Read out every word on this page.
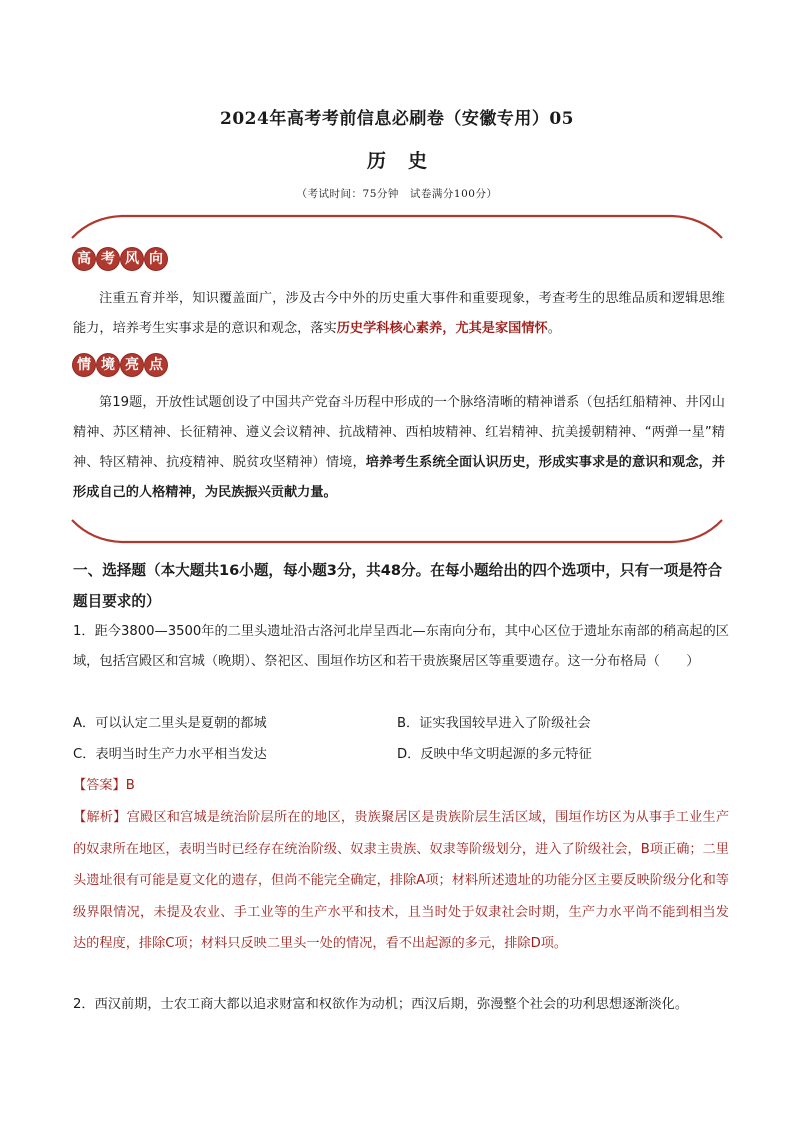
2024年高考考前信息必刷卷（安徽专用）05
历史
（考试时间：75分钟　试卷满分100分）
高 考 风 向
注重五育并举，知识覆盖面广，涉及古今中外的历史重大事件和重要现象，考查考生的思维品质和逻辑思维能力，培养考生实事求是的意识和观念，落实历史学科核心素养，尤其是家国情怀。
情 境 亮 点
第19题，开放性试题创设了中国共产党奋斗历程中形成的一个脉络清晰的精神谱系（包括红船精神、井冈山精神、苏区精神、长征精神、遵义会议精神、抗战精神、西柏坡精神、红岩精神、抗美援朝精神、“两弹一星”精神、特区精神、抗疫精神、脱贫攻坚精神）情境，培养考生系统全面认识历史，形成实事求是的意识和观念，并形成自己的人格精神，为民族振兴贡献力量。
一、选择题（本大题共16小题，每小题3分，共48分。在每小题给出的四个选项中，只有一项是符合题目要求的）
1．距今3800—3500年的二里头遗址沿古洛河北岸呈西北—东南向分布，其中心区位于遗址东南部的稍高起的区域，包括宫殿区和宫城（晚期）、祭祀区、围垣作坊区和若干贵族聚居区等重要遗存。这一分布格局（　　）
A．可以认定二里头是夏朝的都城	B．证实我国较早进入了阶级社会
C．表明当时生产力水平相当发达	D．反映中华文明起源的多元特征
【答案】B
【解析】宫殿区和宫城是统治阶层所在的地区，贵族聚居区是贵族阶层生活区域，围垣作坊区为从事手工业生产的奴隶所在地区，表明当时已经存在统治阶级、奴隶主贵族、奴隶等阶级划分，进入了阶级社会，B项正确；二里头遗址很有可能是夏文化的遗存，但尚不能完全确定，排除A项；材料所述遗址的功能分区主要反映阶级分化和等级界限情况，未提及农业、手工业等的生产水平和技术，且当时处于奴隶社会时期，生产力水平尚不能到相当发达的程度，排除C项；材料只反映二里头一处的情况，看不出起源的多元，排除D项。
2．西汉前期，士农工商大都以追求财富和权欲作为动机；西汉后期，弥漫整个社会的功利思想逐渐淡化。
